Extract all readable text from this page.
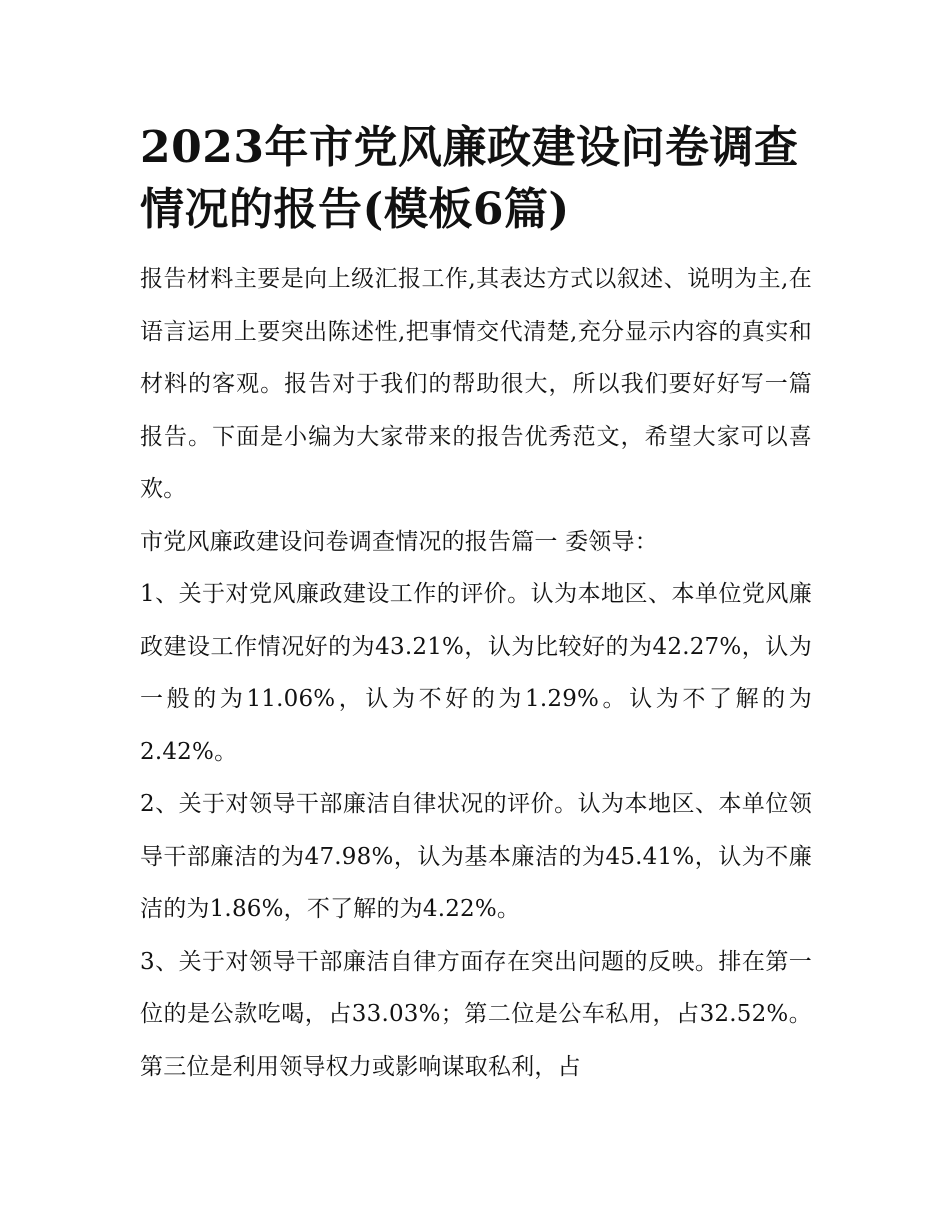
2023年市党风廉政建设问卷调查情况的报告(模板6篇)

报告材料主要是向上级汇报工作,其表达方式以叙述、说明为主,在语言运用上要突出陈述性,把事情交代清楚,充分显示内容的真实和材料的客观。报告对于我们的帮助很大，所以我们要好好写一篇报告。下面是小编为大家带来的报告优秀范文，希望大家可以喜欢。

市党风廉政建设问卷调查情况的报告篇一 委领导：

1、关于对党风廉政建设工作的评价。认为本地区、本单位党风廉政建设工作情况好的为43.21%，认为比较好的为42.27%，认为一般的为11.06%，认为不好的为1.29%。认为不了解的为2.42%。

2、关于对领导干部廉洁自律状况的评价。认为本地区、本单位领导干部廉洁的为47.98%，认为基本廉洁的为45.41%，认为不廉洁的为1.86%，不了解的为4.22%。

3、关于对领导干部廉洁自律方面存在突出问题的反映。排在第一位的是公款吃喝，占33.03%；第二位是公车私用，占32.52%。第三位是利用领导权力或影响谋取私利，占
